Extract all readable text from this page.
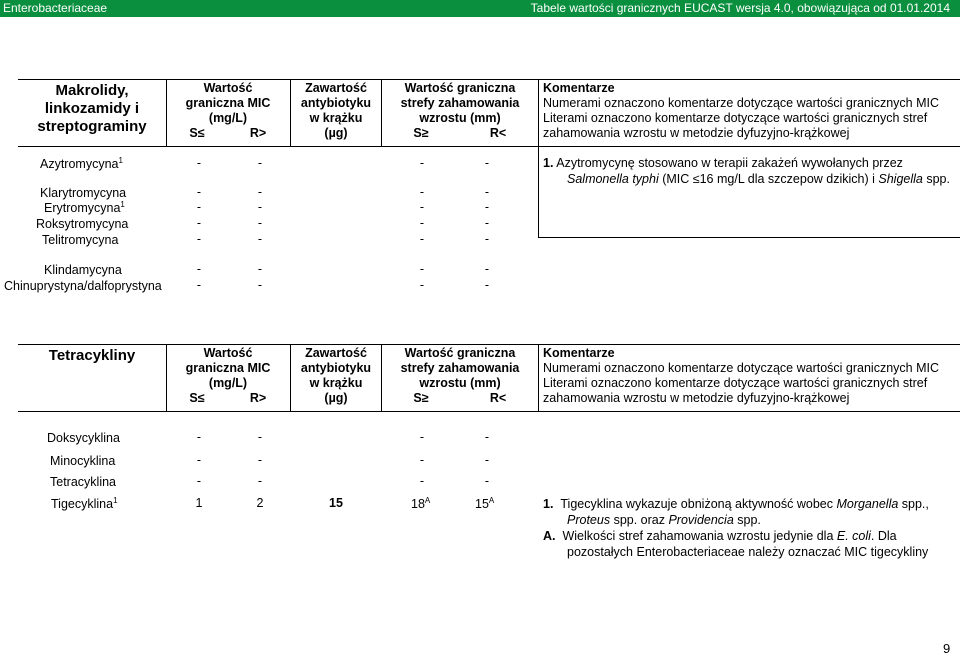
Enterobacteriaceae	Tabele wartości granicznych EUCAST wersja 4.0, obowiązująca od 01.01.2014
Makrolidy,
linkozamidy i
streptograminy
Wartość
graniczna MIC
(mg/L)
S≤	R>
Zawartość
antybiotyku
w krążku
(µg)
Wartość graniczna
strefy zahamowania
wzrostu (mm)
S≥	R<
Komentarze
Numerami oznaczono komentarze dotyczące wartości granicznych MIC
Literami oznaczono komentarze dotyczące wartości granicznych stref
zahamowania wzrostu w metodzie dyfuzyjno-krążkowej
Azytromycyna$^1$	-	-	-	-
Klarytromycyna	-	-	-	-
Erytromycyna$^1$	-	-	-	-
Roksytromycyna	-	-	-	-
Telitromycyna	-	-	-	-
Klindamycyna	-	-	-	-
Chinuprystyna/dalfoprystyna	-	-	-	-
1. Azytromycynę stosowano w terapii zakażeń wywołanych przez
Salmonella typhi (MIC ≤16 mg/L dla szczepow dzikich) i Shigella spp.
Tetracykliny	Wartość
graniczna MIC
(mg/L)
S≤	R>
Zawartość
antybiotyku
w krążku
(µg)
Wartość graniczna
strefy zahamowania
wzrostu (mm)
S≥	R<
Komentarze
Numerami oznaczono komentarze dotyczące wartości granicznych MIC
Literami oznaczono komentarze dotyczące wartości granicznych stref
zahamowania wzrostu w metodzie dyfuzyjno-krążkowej
Doksycyklina	-	-	-	-
Minocyklina	-	-	-	-
Tetracyklina	-	-	-	-
Tigecyklina$^1$	1	2	15	$18^A$	$15^A$	1. Tigecyklina wykazuje obniżoną aktywność wobec Morganella spp.,
Proteus spp. oraz Providencia spp.
A. Wielkości stref zahamowania wzrostu jedynie dla E. coli. Dla
pozostałych Enterobacteriaceae należy oznaczać MIC tigecykliny
9
